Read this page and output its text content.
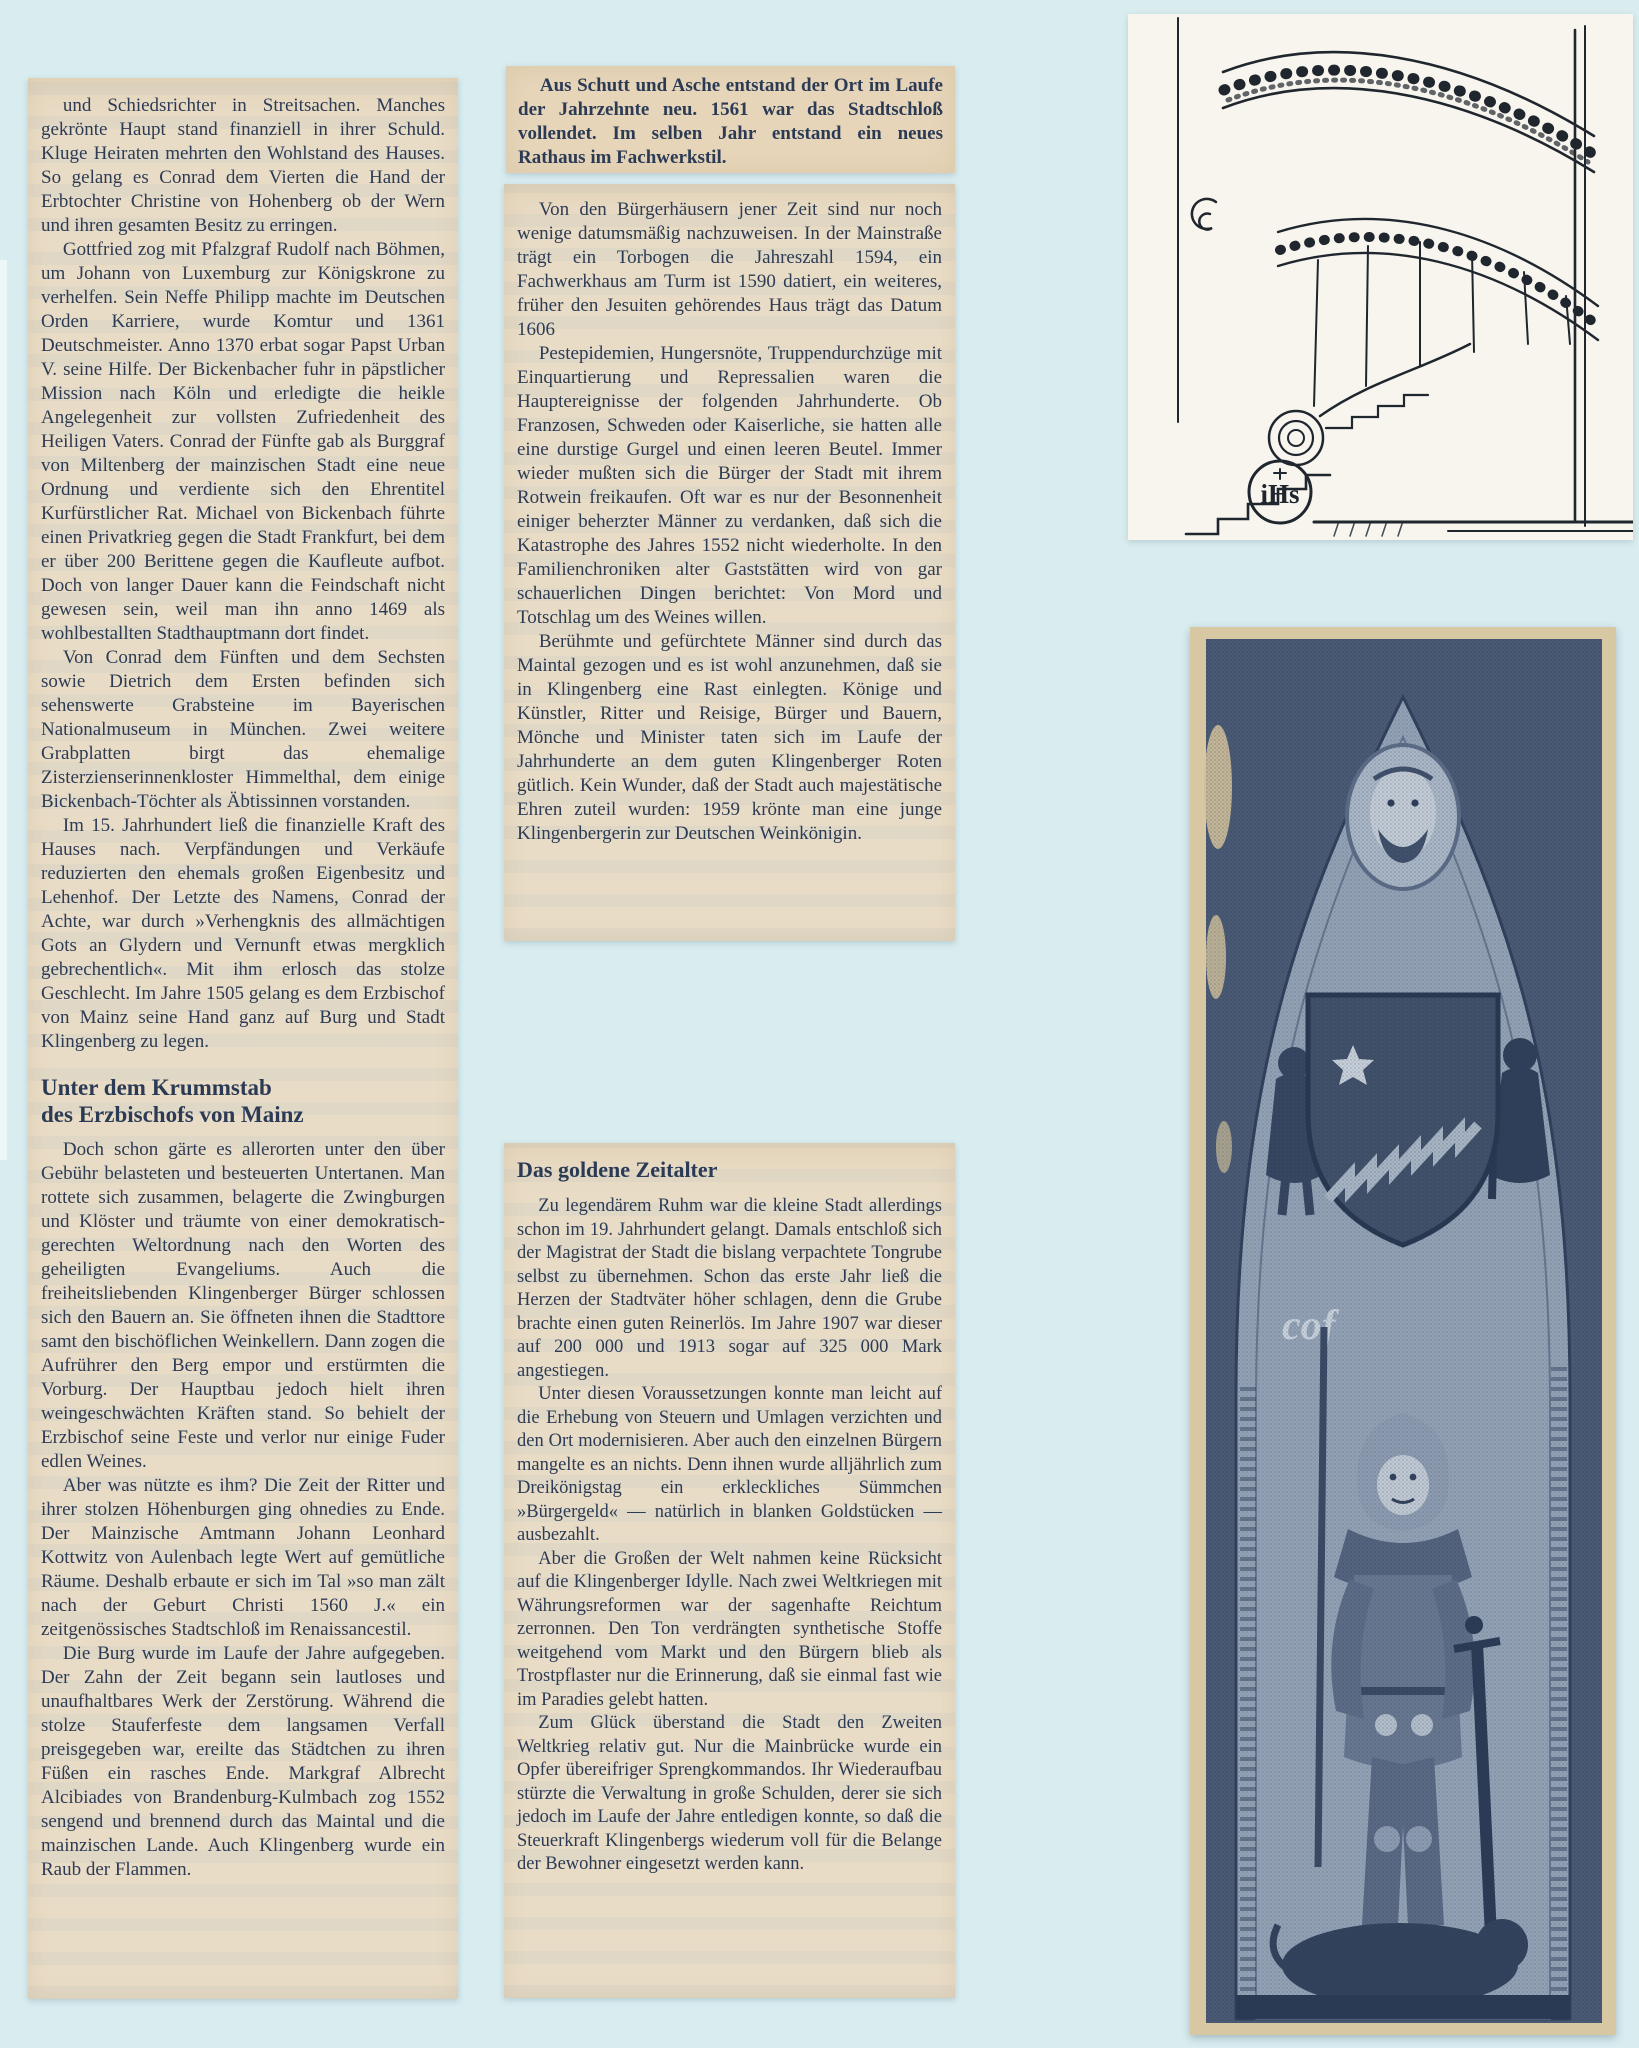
und Schiedsrichter in Streitsachen. Manches gekrönte Haupt stand finanziell in ihrer Schuld. Kluge Heiraten mehrten den Wohlstand des Hauses. So gelang es Conrad dem Vierten die Hand der Erbtochter Christine von Hohenberg ob der Wern und ihren gesamten Besitz zu erringen.

Gottfried zog mit Pfalzgraf Rudolf nach Böhmen, um Johann von Luxemburg zur Königskrone zu verhelfen. Sein Neffe Philipp machte im Deutschen Orden Karriere, wurde Komtur und 1361 Deutschmeister. Anno 1370 erbat sogar Papst Urban V. seine Hilfe. Der Bickenbacher fuhr in päpstlicher Mission nach Köln und erledigte die heikle Angelegenheit zur vollsten Zufriedenheit des Heiligen Vaters. Conrad der Fünfte gab als Burggraf von Miltenberg der mainzischen Stadt eine neue Ordnung und verdiente sich den Ehrentitel Kurfürstlicher Rat. Michael von Bickenbach führte einen Privatkrieg gegen die Stadt Frankfurt, bei dem er über 200 Berittene gegen die Kaufleute aufbot. Doch von langer Dauer kann die Feindschaft nicht gewesen sein, weil man ihn anno 1469 als wohlbestallten Stadthauptmann dort findet.

Von Conrad dem Fünften und dem Sechsten sowie Dietrich dem Ersten befinden sich sehenswerte Grabsteine im Bayerischen Nationalmuseum in München. Zwei weitere Grabplatten birgt das ehemalige Zisterzienserinnenkloster Himmelthal, dem einige Bickenbach-Töchter als Äbtissinnen vorstanden.

Im 15. Jahrhundert ließ die finanzielle Kraft des Hauses nach. Verpfändungen und Verkäufe reduzierten den ehemals großen Eigenbesitz und Lehenhof. Der Letzte des Namens, Conrad der Achte, war durch »Verhengknis des allmächtigen Gots an Glydern und Vernunft etwas mergklich gebrechentlich«. Mit ihm erlosch das stolze Geschlecht. Im Jahre 1505 gelang es dem Erzbischof von Mainz seine Hand ganz auf Burg und Stadt Klingenberg zu legen.

Unter dem Krummstab
des Erzbischofs von Mainz

Doch schon gärte es allerorten unter den über Gebühr belasteten und besteuerten Untertanen. Man rottete sich zusammen, belagerte die Zwingburgen und Klöster und träumte von einer demokratisch-gerechten Weltordnung nach den Worten des geheiligten Evangeliums. Auch die freiheitsliebenden Klingenberger Bürger schlossen sich den Bauern an. Sie öffneten ihnen die Stadttore samt den bischöflichen Weinkellern. Dann zogen die Aufrührer den Berg empor und erstürmten die Vorburg. Der Hauptbau jedoch hielt ihren weingeschwächten Kräften stand. So behielt der Erzbischof seine Feste und verlor nur einige Fuder edlen Weines.

Aber was nützte es ihm? Die Zeit der Ritter und ihrer stolzen Höhenburgen ging ohnedies zu Ende. Der Mainzische Amtmann Johann Leonhard Kottwitz von Aulenbach legte Wert auf gemütliche Räume. Deshalb erbaute er sich im Tal »so man zält nach der Geburt Christi 1560 J.« ein zeitgenössisches Stadtschloß im Renaissancestil.

Die Burg wurde im Laufe der Jahre aufgegeben. Der Zahn der Zeit begann sein lautloses und unaufhaltbares Werk der Zerstörung. Während die stolze Stauferfeste dem langsamen Verfall preisgegeben war, ereilte das Städtchen zu ihren Füßen ein rasches Ende. Markgraf Albrecht Alcibiades von Brandenburg-Kulmbach zog 1552 sengend und brennend durch das Maintal und die mainzischen Lande. Auch Klingenberg wurde ein Raub der Flammen.

Aus Schutt und Asche entstand der Ort im Laufe der Jahrzehnte neu. 1561 war das Stadtschloß vollendet. Im selben Jahr entstand ein neues Rathaus im Fachwerkstil.

Von den Bürgerhäusern jener Zeit sind nur noch wenige datumsmäßig nachzuweisen. In der Mainstraße trägt ein Torbogen die Jahreszahl 1594, ein Fachwerkhaus am Turm ist 1590 datiert, ein weiteres, früher den Jesuiten gehörendes Haus trägt das Datum 1606

Pestepidemien, Hungersnöte, Truppendurchzüge mit Einquartierung und Repressalien waren die Hauptereignisse der folgenden Jahrhunderte. Ob Franzosen, Schweden oder Kaiserliche, sie hatten alle eine durstige Gurgel und einen leeren Beutel. Immer wieder mußten sich die Bürger der Stadt mit ihrem Rotwein freikaufen. Oft war es nur der Besonnenheit einiger beherzter Männer zu verdanken, daß sich die Katastrophe des Jahres 1552 nicht wiederholte. In den Familienchroniken alter Gaststätten wird von gar schauerlichen Dingen berichtet: Von Mord und Totschlag um des Weines willen.

Berühmte und gefürchtete Männer sind durch das Maintal gezogen und es ist wohl anzunehmen, daß sie in Klingenberg eine Rast einlegten. Könige und Künstler, Ritter und Reisige, Bürger und Bauern, Mönche und Minister taten sich im Laufe der Jahrhunderte an dem guten Klingenberger Roten gütlich. Kein Wunder, daß der Stadt auch majestätische Ehren zuteil wurden: 1959 krönte man eine junge Klingenbergerin zur Deutschen Weinkönigin.

Das goldene Zeitalter

Zu legendärem Ruhm war die kleine Stadt allerdings schon im 19. Jahrhundert gelangt. Damals entschloß sich der Magistrat der Stadt die bislang verpachtete Tongrube selbst zu übernehmen. Schon das erste Jahr ließ die Herzen der Stadtväter höher schlagen, denn die Grube brachte einen guten Reinerlös. Im Jahre 1907 war dieser auf 200 000 und 1913 sogar auf 325 000 Mark angestiegen.

Unter diesen Voraussetzungen konnte man leicht auf die Erhebung von Steuern und Umlagen verzichten und den Ort modernisieren. Aber auch den einzelnen Bürgern mangelte es an nichts. Denn ihnen wurde alljährlich zum Dreikönigstag ein erkleckliches Sümmchen »Bürgergeld« — natürlich in blanken Goldstücken — ausbezahlt.

Aber die Großen der Welt nahmen keine Rücksicht auf die Klingenberger Idylle. Nach zwei Weltkriegen mit Währungsreformen war der sagenhafte Reichtum zerronnen. Den Ton verdrängten synthetische Stoffe weitgehend vom Markt und den Bürgern blieb als Trostpflaster nur die Erinnerung, daß sie einmal fast wie im Paradies gelebt hatten.

Zum Glück überstand die Stadt den Zweiten Weltkrieg relativ gut. Nur die Mainbrücke wurde ein Opfer übereifriger Sprengkommandos. Ihr Wiederaufbau stürzte die Verwaltung in große Schulden, derer sie sich jedoch im Laufe der Jahre entledigen konnte, so daß die Steuerkraft Klingenbergs wiederum voll für die Belange der Bewohner eingesetzt werden kann.

iHs
